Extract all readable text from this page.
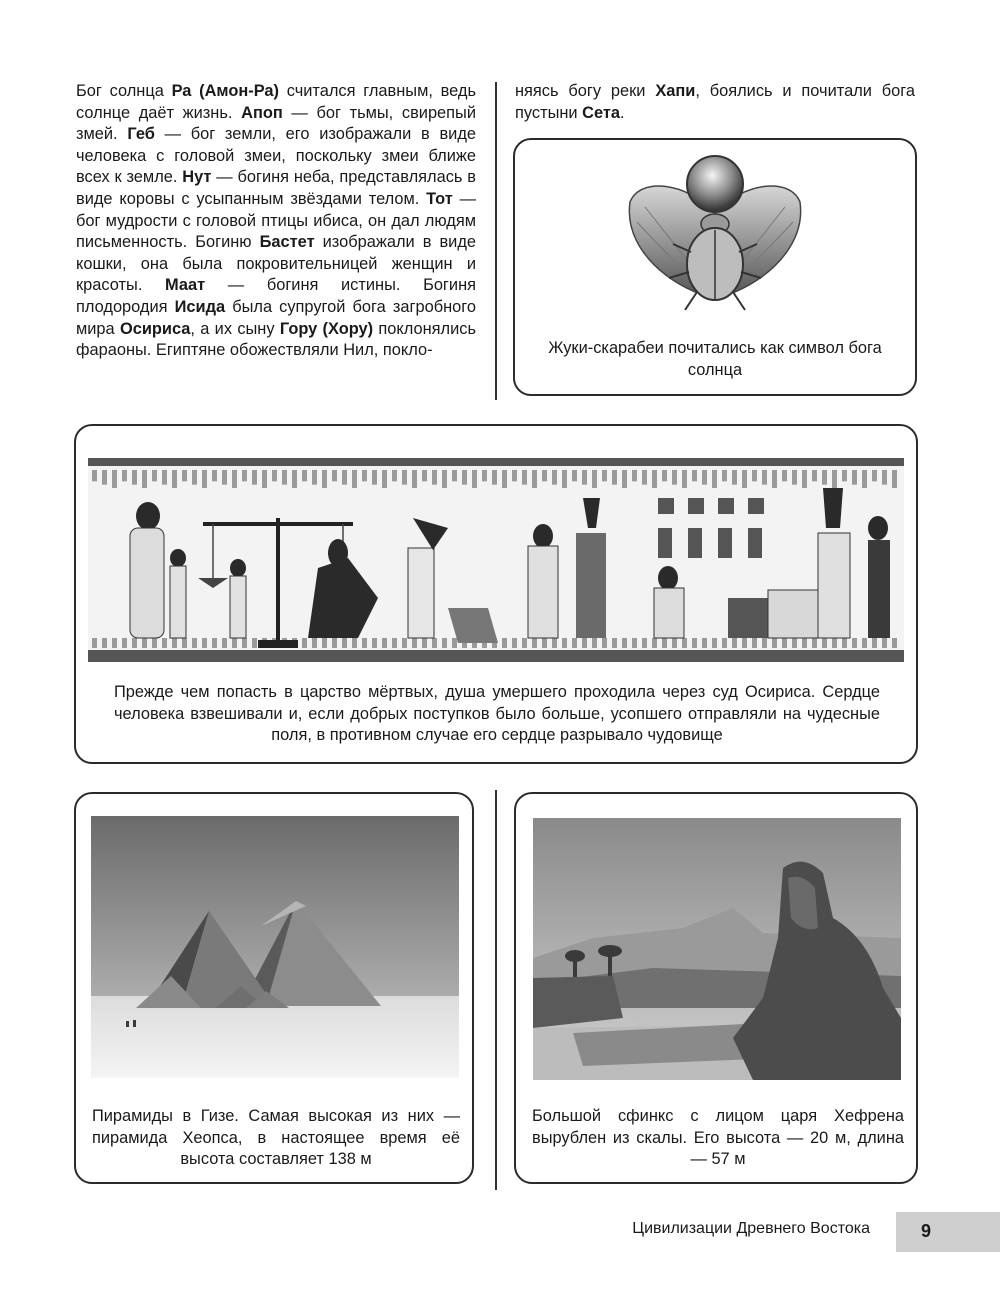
Бог солнца Ра (Амон-Ра) считался главным, ведь солнце даёт жизнь. Апоп — бог тьмы, свирепый змей. Геб — бог земли, его изображали в виде человека с головой змеи, поскольку змеи ближе всех к земле. Нут — богиня неба, представлялась в виде коровы с усыпанным звёздами телом. Тот — бог мудрости с головой птицы ибиса, он дал людям письменность. Богиню Бастет изображали в виде кошки, она была покровительницей женщин и красоты. Маат — богиня истины. Богиня плодородия Исида была супругой бога загробного мира Осириса, а их сыну Гору (Хору) поклонялись фараоны. Египтяне обожествляли Нил, покло-

няясь богу реки Хапи, боялись и почитали бога пустыни Сета.

Жуки-скарабеи почитались как символ бога солнца

Прежде чем попасть в царство мёртвых, душа умершего проходила через суд Осириса. Сердце человека взвешивали и, если добрых поступков было больше, усопшего отправляли на чудесные поля, в противном случае его сердце разрывало чудовище

Пирамиды в Гизе. Самая высокая из них — пирамида Хеопса, в настоящее время её высота составляет 138 м

Большой сфинкс с лицом царя Хефрена вырублен из скалы. Его высота — 20 м, длина — 57 м

Цивилизации Древнего Востока	9
